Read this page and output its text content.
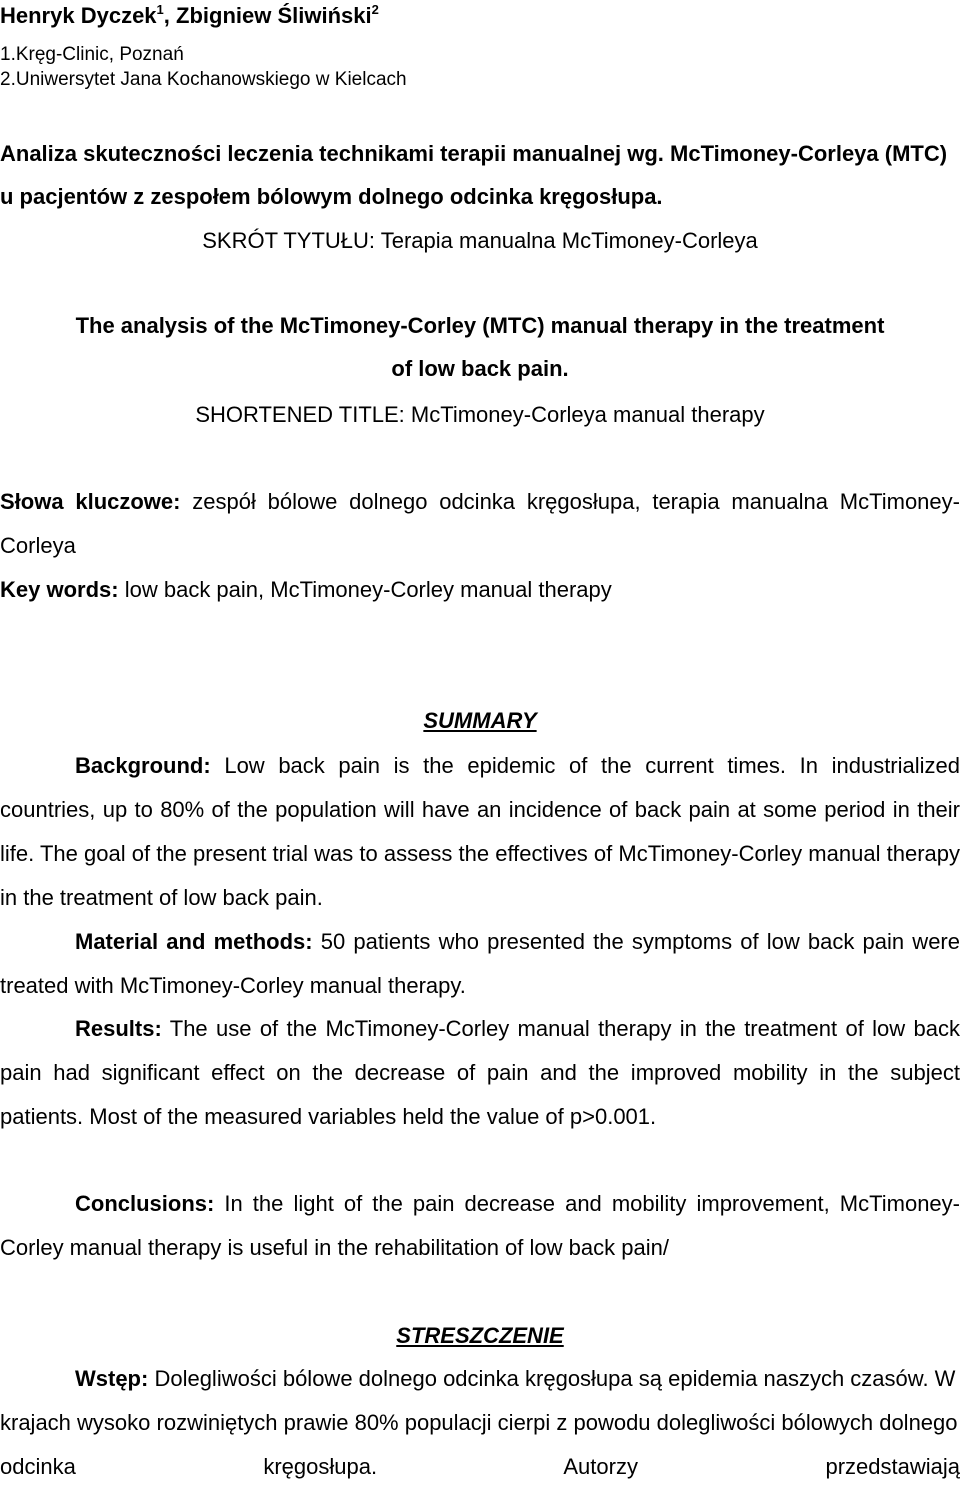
Henryk Dyczek$^1$, Zbigniew Śliwiński$^2$
1.Kręg-Clinic, Poznań
2.Uniwersytet Jana Kochanowskiego w Kielcach
Analiza skuteczności leczenia technikami terapii manualnej wg. McTimoney-Corleya (MTC) u pacjentów z zespołem bólowym dolnego odcinka kręgosłupa.
SKRÓT TYTUŁU: Terapia manualna McTimoney-Corleya
The analysis of the McTimoney-Corley (MTC) manual therapy in the treatment
of low back pain.
SHORTENED TITLE: McTimoney-Corleya manual therapy
Słowa kluczowe: zespół bólowe dolnego odcinka kręgosłupa, terapia manualna McTimoney-Corleya
Key words: low back pain, McTimoney-Corley manual therapy
SUMMARY
Background: Low back pain is the epidemic of the current times. In industrialized countries, up to 80% of the population will have an incidence of back pain at some period in their life. The goal of the present trial was to assess the effectives of McTimoney-Corley manual therapy in the treatment of low back pain.
Material and methods: 50 patients who presented the symptoms of low back pain were treated with McTimoney-Corley manual therapy.
Results: The use of the McTimoney-Corley manual therapy in the treatment of low back pain had significant effect on the decrease of pain and the improved mobility in the subject patients. Most of the measured variables held the value of p>0.001.
Conclusions: In the light of the pain decrease and mobility improvement, McTimoney-Corley manual therapy is useful in the rehabilitation of low back pain/
STRESZCZENIE
Wstęp: Dolegliwości bólowe dolnego odcinka kręgosłupa są epidemia naszych czasów. W krajach wysoko rozwiniętych prawie 80% populacji cierpi z powodu dolegliwości bólowych dolnego odcinka kręgosłupa. Autorzy przedstawiają
